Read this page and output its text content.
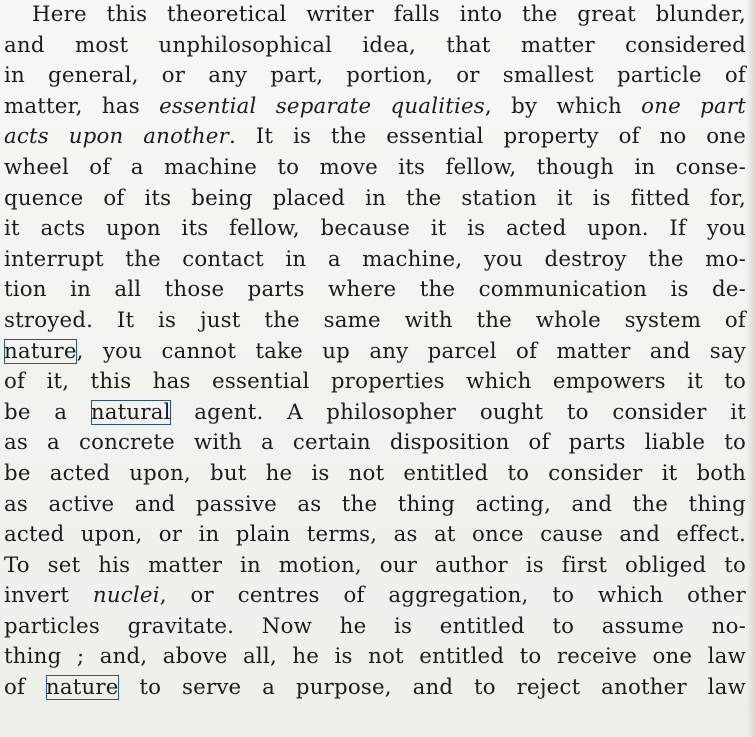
Here this theoretical writer falls into the great blunder,
and most unphilosophical idea, that matter considered
in general, or any part, portion, or smallest particle of
matter, has essential separate qualities, by which one part
acts upon another. It is the essential property of no one
wheel of a machine to move its fellow, though in conse-
quence of its being placed in the station it is fitted for,
it acts upon its fellow, because it is acted upon. If you
interrupt the contact in a machine, you destroy the mo-
tion in all those parts where the communication is de-
stroyed. It is just the same with the whole system of
nature, you cannot take up any parcel of matter and say
of it, this has essential properties which empowers it to
be a natural agent. A philosopher ought to consider it
as a concrete with a certain disposition of parts liable to
be acted upon, but he is not entitled to consider it both
as active and passive as the thing acting, and the thing
acted upon, or in plain terms, as at once cause and effect.
To set his matter in motion, our author is first obliged to
invert nuclei, or centres of aggregation, to which other
particles gravitate. Now he is entitled to assume no-
thing ; and, above all, he is not entitled to receive one law
of nature to serve a purpose, and to reject another law
